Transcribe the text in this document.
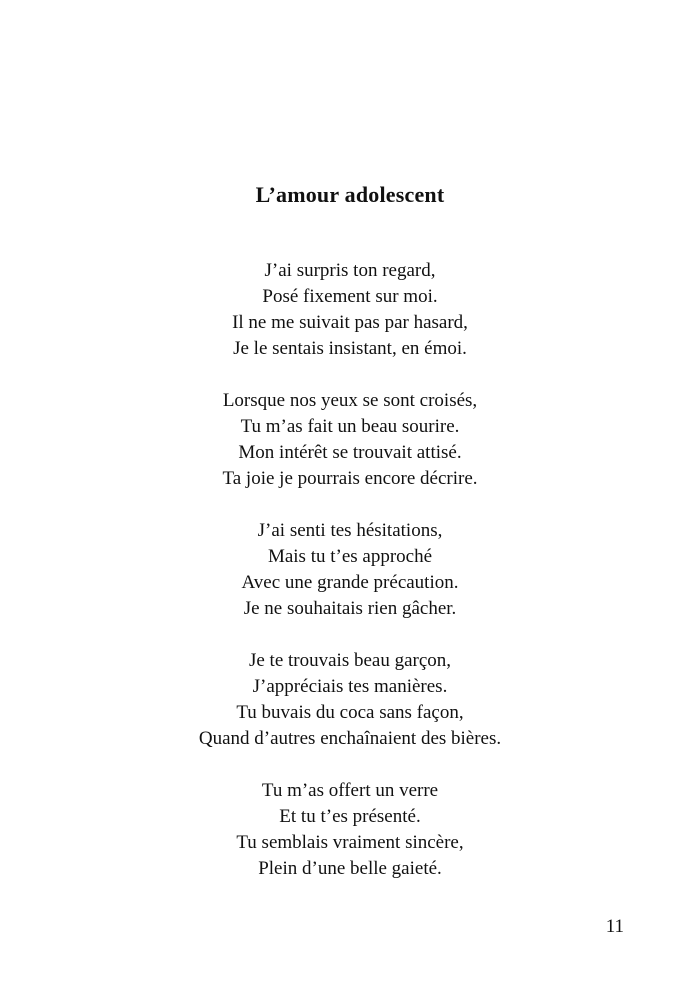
L’amour adolescent
J’ai surpris ton regard,
Posé fixement sur moi.
Il ne me suivait pas par hasard,
Je le sentais insistant, en émoi.
Lorsque nos yeux se sont croisés,
Tu m’as fait un beau sourire.
Mon intérêt se trouvait attisé.
Ta joie je pourrais encore décrire.
J’ai senti tes hésitations,
Mais tu t’es approché
Avec une grande précaution.
Je ne souhaitais rien gâcher.
Je te trouvais beau garçon,
J’appréciais tes manières.
Tu buvais du coca sans façon,
Quand d’autres enchaînaient des bières.
Tu m’as offert un verre
Et tu t’es présenté.
Tu semblais vraiment sincère,
Plein d’une belle gaieté.
11
